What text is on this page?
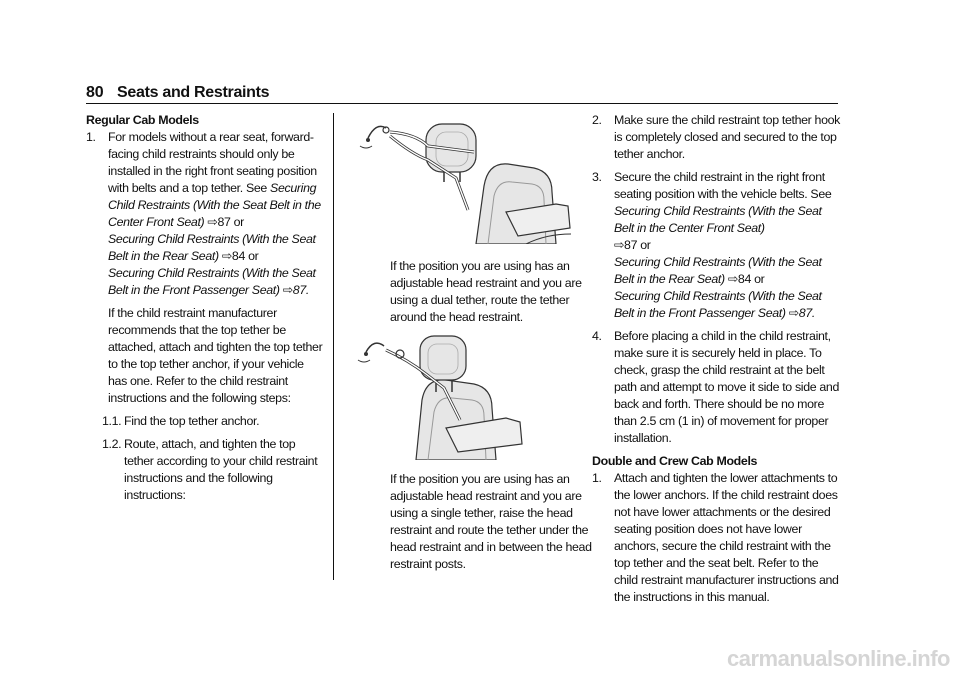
80 Seats and Restraints

Regular Cab Models

1. For models without a rear seat, forward-facing child restraints should only be installed in the right front seating position with belts and a top tether. See Securing Child Restraints (With the Seat Belt in the Center Front Seat) ⇨87 or
Securing Child Restraints (With the Seat Belt in the Rear Seat) ⇨84 or
Securing Child Restraints (With the Seat Belt in the Front Passenger Seat) ⇨87.

If the child restraint manufacturer recommends that the top tether be attached, attach and tighten the top tether to the top tether anchor, if your vehicle has one. Refer to the child restraint instructions and the following steps:

1.1. Find the top tether anchor.
1.2. Route, attach, and tighten the top tether according to your child restraint instructions and the following instructions:

If the position you are using has an adjustable head restraint and you are using a dual tether, route the tether around the head restraint.

If the position you are using has an adjustable head restraint and you are using a single tether, raise the head restraint and route the tether under the head restraint and in between the head restraint posts.

2. Make sure the child restraint top tether hook is completely closed and secured to the top tether anchor.
3. Secure the child restraint in the right front seating position with the vehicle belts. See Securing Child Restraints (With the Seat Belt in the Center Front Seat)
⇨87 or
Securing Child Restraints (With the Seat Belt in the Rear Seat) ⇨84 or
Securing Child Restraints (With the Seat Belt in the Front Passenger Seat) ⇨87.
4. Before placing a child in the child restraint, make sure it is securely held in place. To check, grasp the child restraint at the belt path and attempt to move it side to side and back and forth. There should be no more than 2.5 cm (1 in) of movement for proper installation.

Double and Crew Cab Models

1. Attach and tighten the lower attachments to the lower anchors. If the child restraint does not have lower attachments or the desired seating position does not have lower anchors, secure the child restraint with the top tether and the seat belt. Refer to the child restraint manufacturer instructions and the instructions in this manual.
carmanualsonline.info
